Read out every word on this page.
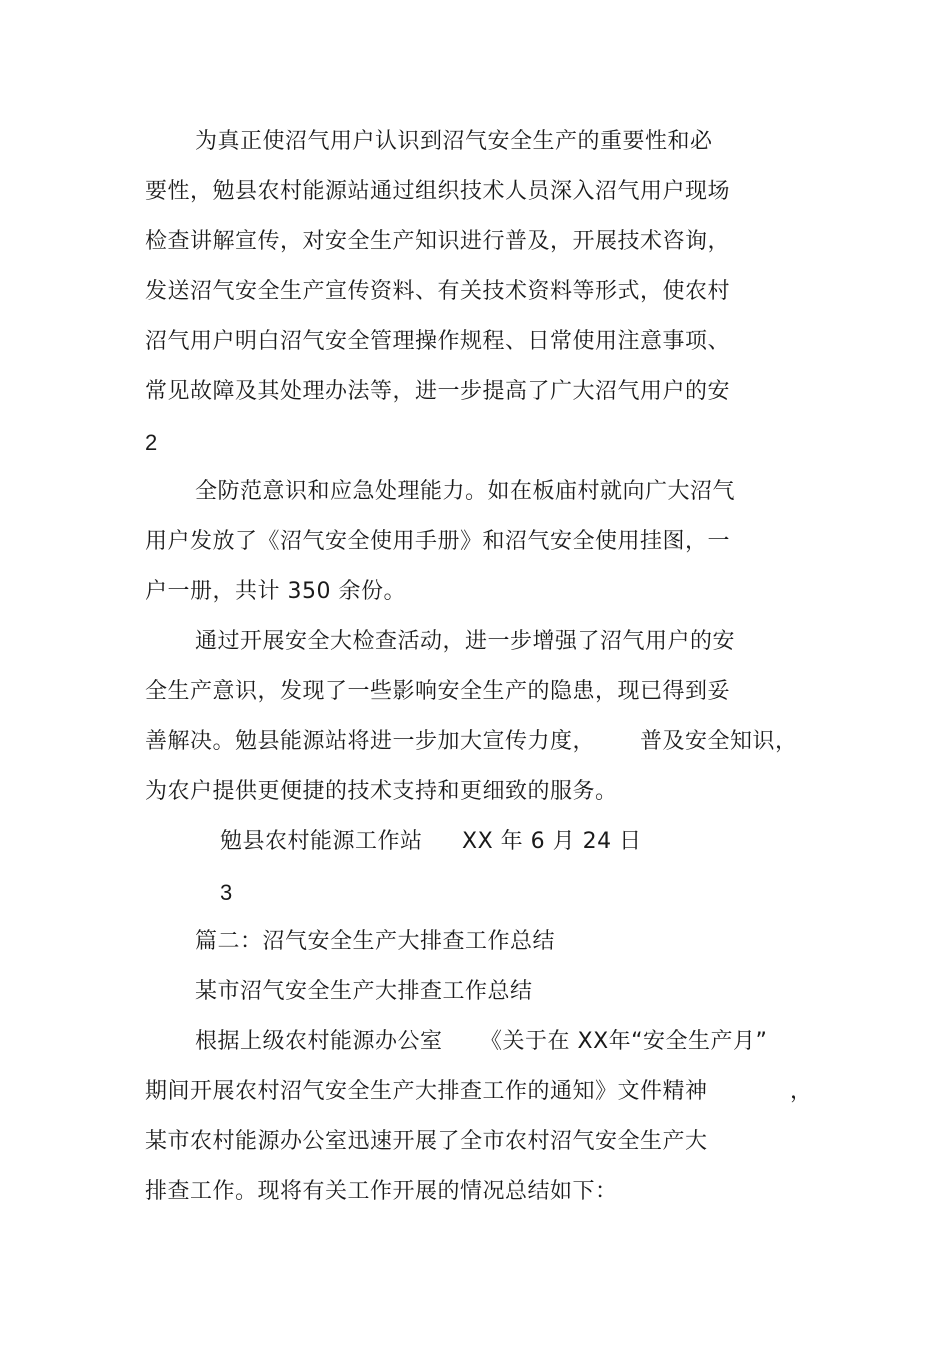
为真正使沼气用户认识到沼气安全生产的重要性和必
要性，勉县农村能源站通过组织技术人员深入沼气用户现场
检查讲解宣传，对安全生产知识进行普及，开展技术咨询，
发送沼气安全生产宣传资料、有关技术资料等形式，使农村
沼气用户明白沼气安全管理操作规程、日常使用注意事项、
常见故障及其处理办法等，进一步提高了广大沼气用户的安
2
全防范意识和应急处理能力。如在板庙村就向广大沼气
用户发放了《沼气安全使用手册》和沼气安全使用挂图，一
户一册，共计 350 余份。
通过开展安全大检查活动，进一步增强了沼气用户的安
全生产意识，发现了一些影响安全生产的隐患，现已得到妥
善解决。勉县能源站将进一步加大宣传力度， 普及安全知识，
为农户提供更便捷的技术支持和更细致的服务。
勉县农村能源工作站 XX 年 6 月 24 日
3
篇二：沼气安全生产大排查工作总结
某市沼气安全生产大排查工作总结
根据上级农村能源办公室 《关于在 XX年“安全生产月”
期间开展农村沼气安全生产大排查工作的通知》文件精神	，
某市农村能源办公室迅速开展了全市农村沼气安全生产大
排查工作。现将有关工作开展的情况总结如下：
